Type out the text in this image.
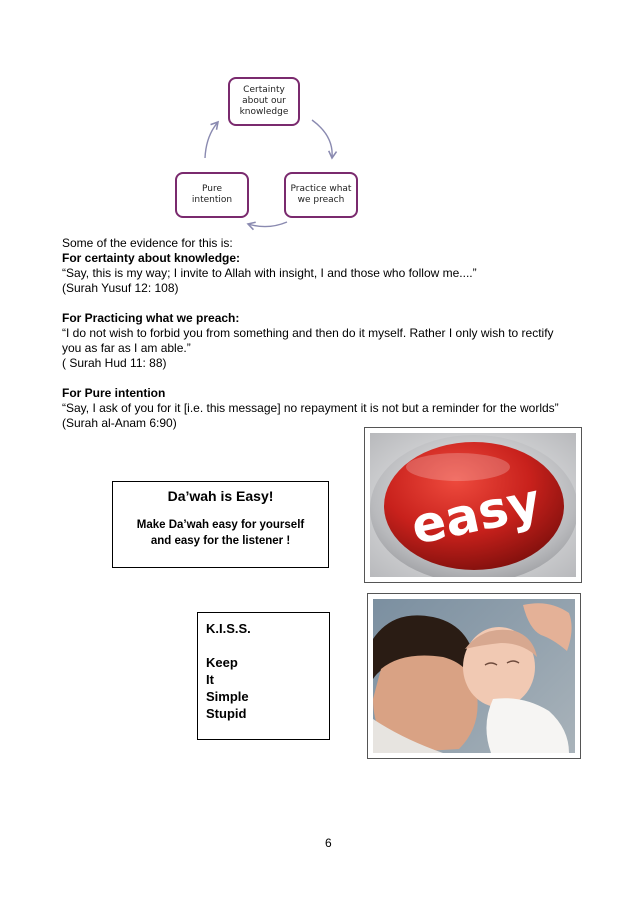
Certainty
about our
knowledge
Practice what
we preach
Pure intention

Some of the evidence for this is:

For certainty about knowledge:

“Say, this is my way; I invite to Allah with insight, I and those who follow me....”

(Surah Yusuf 12: 108)

For Practicing what we preach:

“I do not wish to forbid you from something and then do it myself. Rather I only wish to rectify

you as far as I am able.”

( Surah Hud 11: 88)

For Pure intention

“Say, I ask of you for it [i.e. this message] no repayment it is not but a reminder for the worlds”

(Surah al-Anam 6:90)

Da’wah is Easy!
Make Da’wah easy for yourself
and easy for the listener !	easy
K.I.S.S.
Keep
It
Simple
Stupid
6
